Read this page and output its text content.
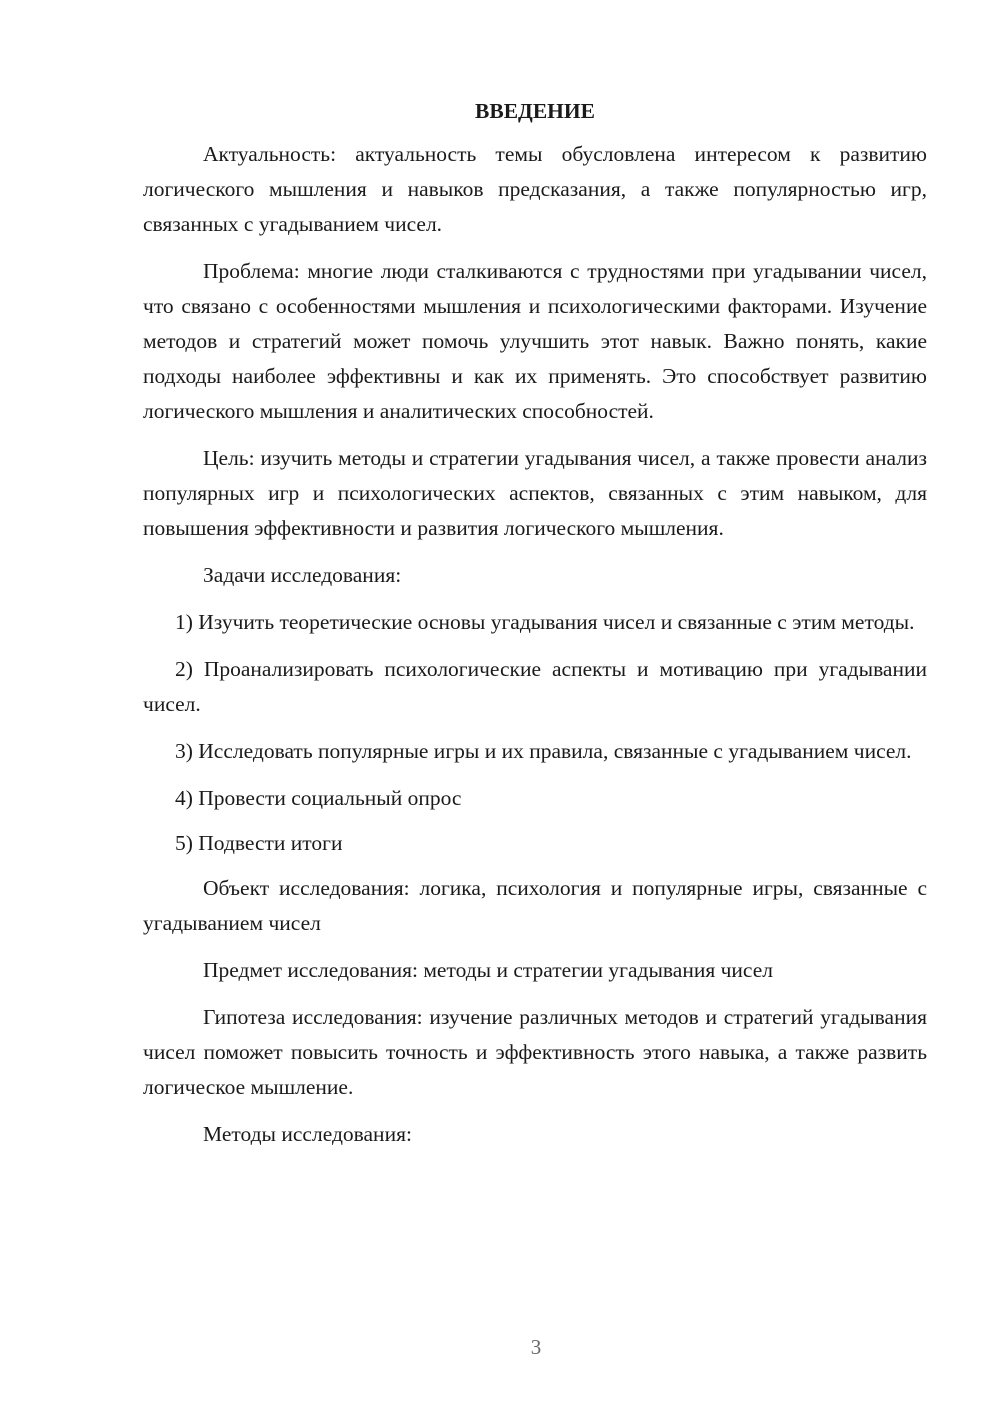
ВВЕДЕНИЕ

Актуальность: актуальность темы обусловлена интересом к развитию логического мышления и навыков предсказания, а также популярностью игр, связанных с угадыванием чисел.

Проблема: многие люди сталкиваются с трудностями при угадывании чисел, что связано с особенностями мышления и психологическими факторами. Изучение методов и стратегий может помочь улучшить этот навык. Важно понять, какие подходы наиболее эффективны и как их применять. Это способствует развитию логического мышления и аналитических способностей.

Цель: изучить методы и стратегии угадывания чисел, а также провести анализ популярных игр и психологических аспектов, связанных с этим навыком, для повышения эффективности и развития логического мышления.

Задачи исследования:

1) Изучить теоретические основы угадывания чисел и связанные с этим методы.

2) Проанализировать психологические аспекты и мотивацию при угадывании чисел.

3) Исследовать популярные игры и их правила, связанные с угадыванием чисел.

4) Провести социальный опрос

5) Подвести итоги

Объект исследования: логика, психология и популярные игры, связанные с угадыванием чисел

Предмет исследования: методы и стратегии угадывания чисел

Гипотеза исследования: изучение различных методов и стратегий угадывания чисел поможет повысить точность и эффективность этого навыка, а также развить логическое мышление.

Методы исследования:

3
